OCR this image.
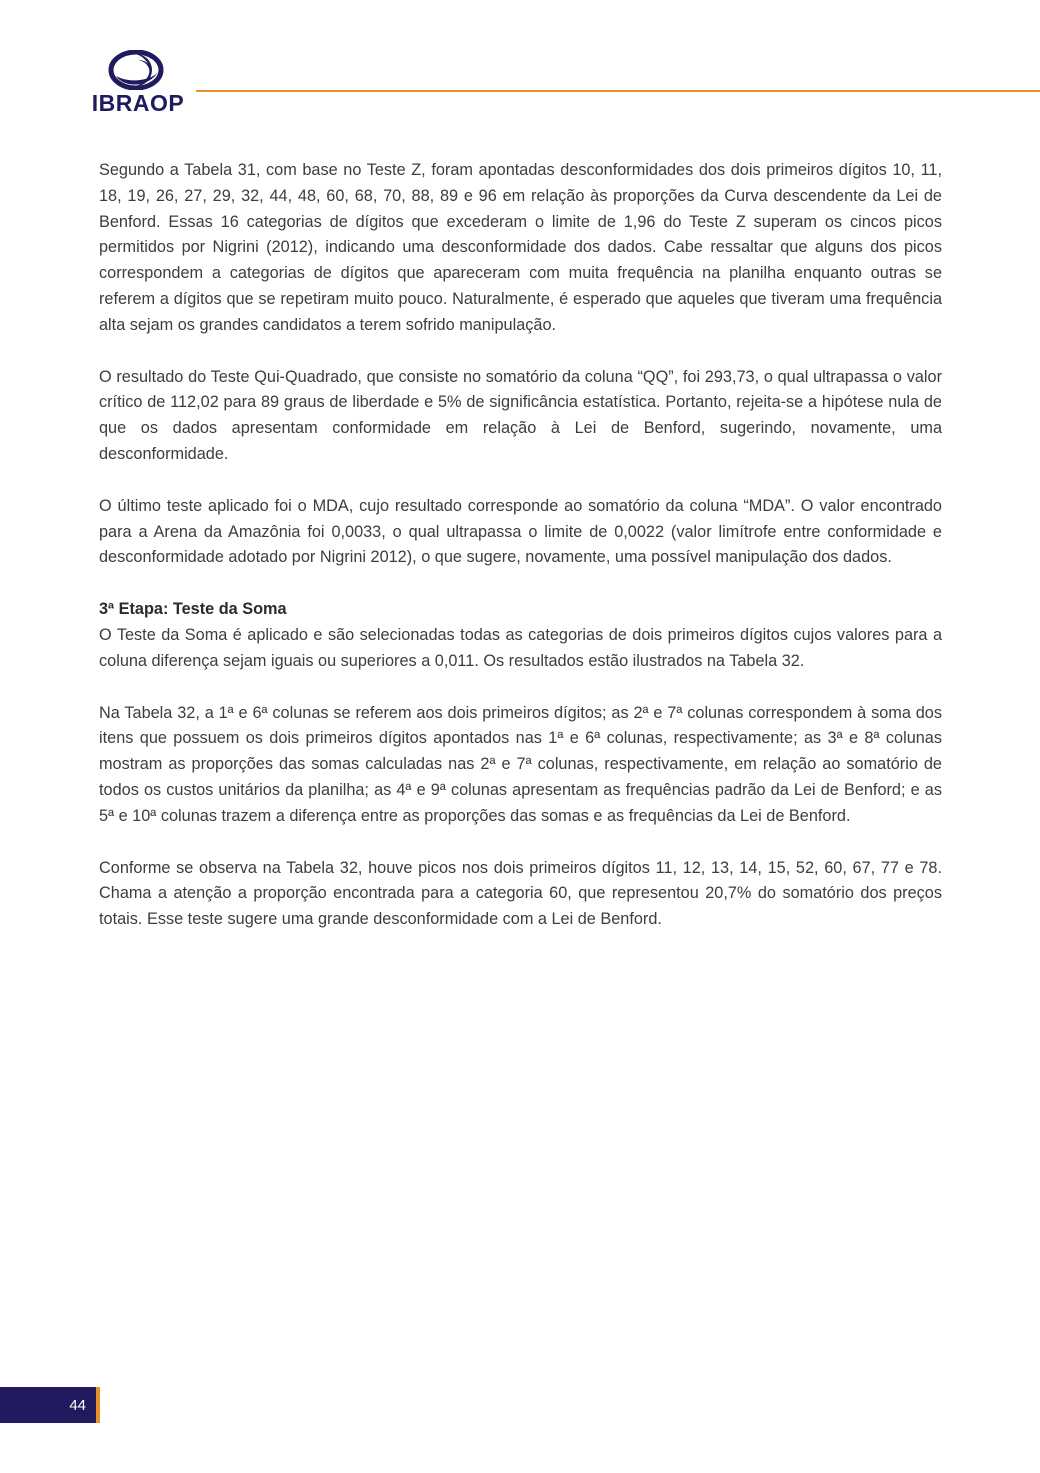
IBRAOP

Segundo a Tabela 31, com base no Teste Z, foram apontadas desconformidades dos dois primeiros dígitos 10, 11, 18, 19, 26, 27, 29, 32, 44, 48, 60, 68, 70, 88, 89 e 96 em relação às proporções da Curva descendente da Lei de Benford. Essas 16 categorias de dígitos que excederam o limite de 1,96 do Teste Z superam os cincos picos permitidos por Nigrini (2012), indicando uma desconformidade dos dados. Cabe ressaltar que alguns dos picos correspondem a categorias de dígitos que apareceram com muita frequência na planilha enquanto outras se referem a dígitos que se repetiram muito pouco. Naturalmente, é esperado que aqueles que tiveram uma frequência alta sejam os grandes candidatos a terem sofrido manipulação.

O resultado do Teste Qui-Quadrado, que consiste no somatório da coluna “QQ”, foi 293,73, o qual ultrapassa o valor crítico de 112,02 para 89 graus de liberdade e 5% de significância estatística. Portanto, rejeita-se a hipótese nula de que os dados apresentam conformidade em relação à Lei de Benford, sugerindo, novamente, uma desconformidade.

O último teste aplicado foi o MDA, cujo resultado corresponde ao somatório da coluna “MDA”. O valor encontrado para a Arena da Amazônia foi 0,0033, o qual ultrapassa o limite de 0,0022 (valor limítrofe entre conformidade e desconformidade adotado por Nigrini 2012), o que sugere, novamente, uma possível manipulação dos dados.

3ª Etapa: Teste da Soma

O Teste da Soma é aplicado e são selecionadas todas as categorias de dois primeiros dígitos cujos valores para a coluna diferença sejam iguais ou superiores a 0,011. Os resultados estão ilustrados na Tabela 32.

Na Tabela 32, a 1ª e 6ª colunas se referem aos dois primeiros dígitos; as 2ª e 7ª colunas correspondem à soma dos itens que possuem os dois primeiros dígitos apontados nas 1ª e 6ª colunas, respectivamente; as 3ª e 8ª colunas mostram as proporções das somas calculadas nas 2ª e 7ª colunas, respectivamente, em relação ao somatório de todos os custos unitários da planilha; as 4ª e 9ª colunas apresentam as frequências padrão da Lei de Benford; e as 5ª e 10ª colunas trazem a diferença entre as proporções das somas e as frequências da Lei de Benford.

Conforme se observa na Tabela 32, houve picos nos dois primeiros dígitos 11, 12, 13, 14, 15, 52, 60, 67, 77 e 78. Chama a atenção a proporção encontrada para a categoria 60, que representou 20,7% do somatório dos preços totais. Esse teste sugere uma grande desconformidade com a Lei de Benford.

44
